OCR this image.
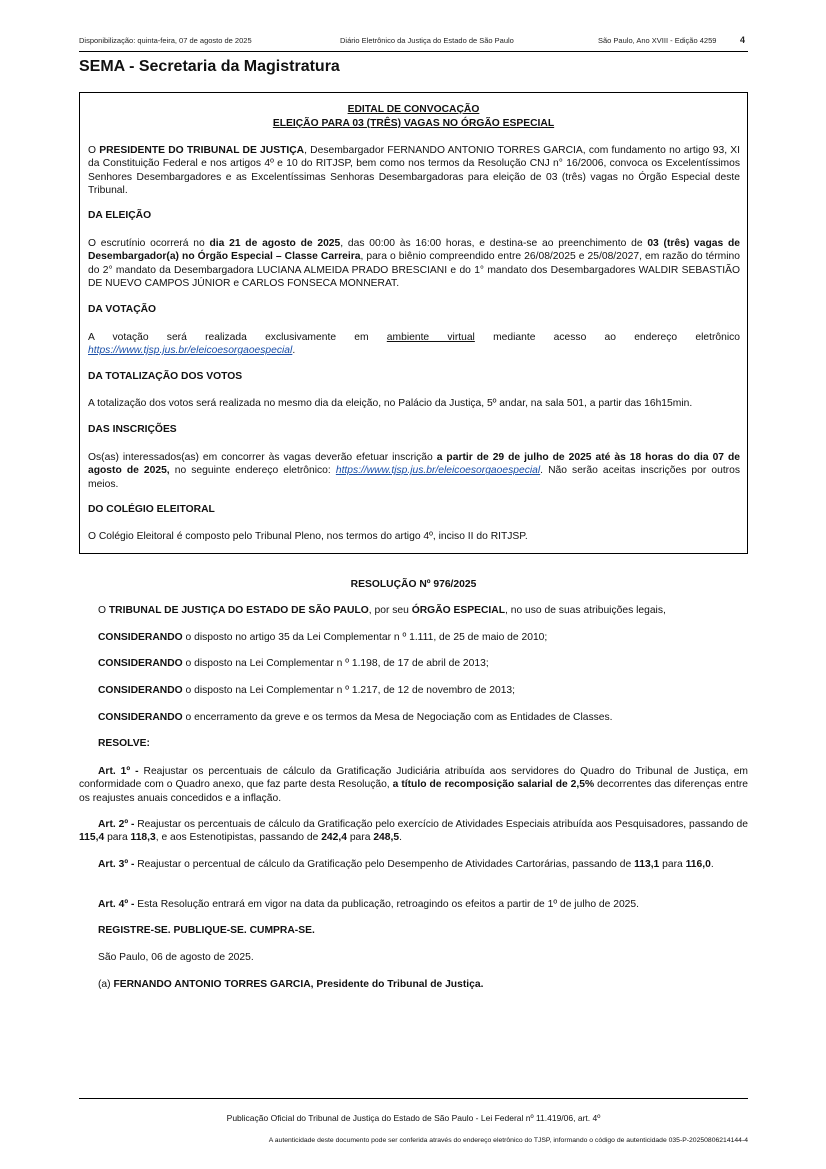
Disponibilização: quinta-feira, 07 de agosto de 2025	Diário Eletrônico da Justiça do Estado de São Paulo	São Paulo, Ano XVIII - Edição 4259	4
SEMA - Secretaria da Magistratura
EDITAL DE CONVOCAÇÃO
ELEIÇÃO PARA 03 (TRÊS) VAGAS NO ÓRGÃO ESPECIAL
O PRESIDENTE DO TRIBUNAL DE JUSTIÇA, Desembargador FERNANDO ANTONIO TORRES GARCIA, com fundamento no artigo 93, XI da Constituição Federal e nos artigos 4º e 10 do RITJSP, bem como nos termos da Resolução CNJ n° 16/2006, convoca os Excelentíssimos Senhores Desembargadores e as Excelentíssimas Senhoras Desembargadoras para eleição de 03 (três) vagas no Órgão Especial deste Tribunal.
DA ELEIÇÃO
O escrutínio ocorrerá no dia 21 de agosto de 2025, das 00:00 às 16:00 horas, e destina-se ao preenchimento de 03 (três) vagas de Desembargador(a) no Órgão Especial – Classe Carreira, para o biênio compreendido entre 26/08/2025 e 25/08/2027, em razão do término do 2° mandato da Desembargadora LUCIANA ALMEIDA PRADO BRESCIANI e do 1° mandato dos Desembargadores WALDIR SEBASTIÃO DE NUEVO CAMPOS JÚNIOR e CARLOS FONSECA MONNERAT.
DA VOTAÇÃO
A votação será realizada exclusivamente em ambiente virtual mediante acesso ao endereço eletrônico https://www.tjsp.jus.br/eleicoesorgaoespecial.
DA TOTALIZAÇÃO DOS VOTOS
A totalização dos votos será realizada no mesmo dia da eleição, no Palácio da Justiça, 5º andar, na sala 501, a partir das 16h15min.
DAS INSCRIÇÕES
Os(as) interessados(as) em concorrer às vagas deverão efetuar inscrição a partir de 29 de julho de 2025 até às 18 horas do dia 07 de agosto de 2025, no seguinte endereço eletrônico: https://www.tjsp.jus.br/eleicoesorgaoespecial. Não serão aceitas inscrições por outros meios.
DO COLÉGIO ELEITORAL
O Colégio Eleitoral é composto pelo Tribunal Pleno, nos termos do artigo 4º, inciso II do RITJSP.
RESOLUÇÃO Nº 976/2025
O TRIBUNAL DE JUSTIÇA DO ESTADO DE SÃO PAULO, por seu ÓRGÃO ESPECIAL, no uso de suas atribuições legais,
CONSIDERANDO o disposto no artigo 35 da Lei Complementar n º 1.111, de 25 de maio de 2010;
CONSIDERANDO o disposto na Lei Complementar n º 1.198, de 17 de abril de 2013;
CONSIDERANDO o disposto na Lei Complementar n º 1.217, de 12 de novembro de 2013;
CONSIDERANDO o encerramento da greve e os termos da Mesa de Negociação com as Entidades de Classes.
RESOLVE:
Art. 1º - Reajustar os percentuais de cálculo da Gratificação Judiciária atribuída aos servidores do Quadro do Tribunal de Justiça, em conformidade com o Quadro anexo, que faz parte desta Resolução, a título de recomposição salarial de 2,5% decorrentes das diferenças entre os reajustes anuais concedidos e a inflação.
Art. 2º - Reajustar os percentuais de cálculo da Gratificação pelo exercício de Atividades Especiais atribuída aos Pesquisadores, passando de 115,4 para 118,3, e aos Estenotipistas, passando de 242,4 para 248,5.
Art. 3º - Reajustar o percentual de cálculo da Gratificação pelo Desempenho de Atividades Cartorárias, passando de 113,1 para 116,0.
Art. 4º - Esta Resolução entrará em vigor na data da publicação, retroagindo os efeitos a partir de 1º de julho de 2025.
REGISTRE-SE. PUBLIQUE-SE. CUMPRA-SE.
São Paulo, 06 de agosto de 2025.
(a) FERNANDO ANTONIO TORRES GARCIA, Presidente do Tribunal de Justiça.
Publicação Oficial do Tribunal de Justiça do Estado de São Paulo - Lei Federal nº 11.419/06, art. 4º
A autenticidade deste documento pode ser conferida através do endereço eletrônico do TJSP, informando o código de autenticidade 035-P-20250806214144-4
